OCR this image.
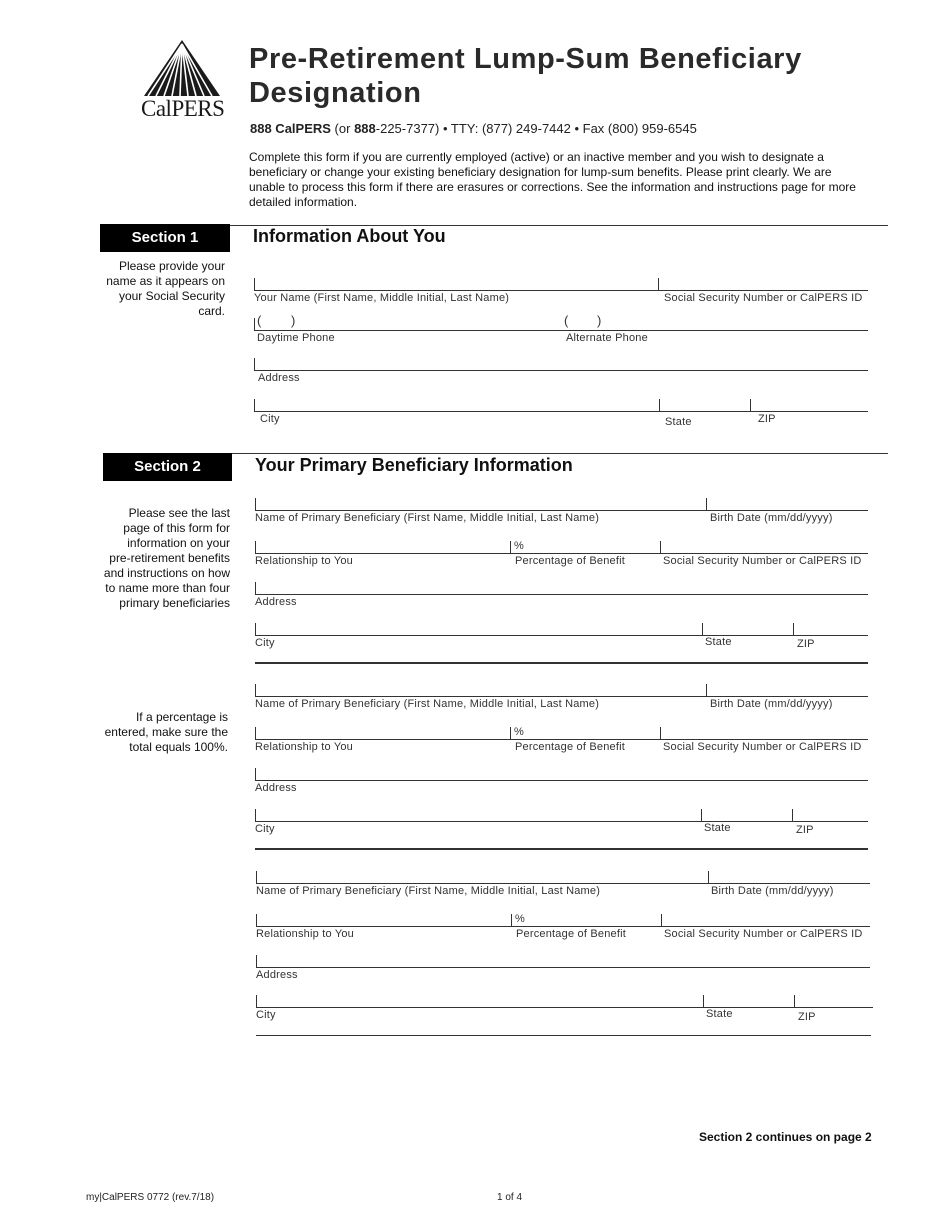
CalPERS
Pre-Retirement Lump-Sum Beneficiary Designation
888 CalPERS (or 888-225-7377) • TTY: (877) 249-7442 • Fax (800) 959-6545
Complete this form if you are currently employed (active) or an inactive member and you wish to designate a beneficiary or change your existing beneficiary designation for lump-sum benefits. Please print clearly. We are unable to process this form if there are erasures or corrections. See the information and instructions page for more detailed information.
Section 1	Information About You
Please provide your name as it appears on your Social Security card.
Your Name (First Name, Middle Initial, Last Name)	Social Security Number or CalPERS ID
( )	( )
Daytime Phone	Alternate Phone
Address
City	State	ZIP
Section 2	Your Primary Beneficiary Information
Please see the last page of this form for information on your pre-retirement benefits and instructions on how to name more than four primary beneficiaries
If a percentage is entered, make sure the total equals 100%.
Name of Primary Beneficiary (First Name, Middle Initial, Last Name)	Birth Date (mm/dd/yyyy)
%
Relationship to You	Percentage of Benefit	Social Security Number or CalPERS ID
Address
City	State	ZIP
Name of Primary Beneficiary (First Name, Middle Initial, Last Name)	Birth Date (mm/dd/yyyy)
%
Relationship to You	Percentage of Benefit	Social Security Number or CalPERS ID
Address
City	State	ZIP
Name of Primary Beneficiary (First Name, Middle Initial, Last Name)	Birth Date (mm/dd/yyyy)
%
Relationship to You	Percentage of Benefit	Social Security Number or CalPERS ID
Address
City	State	ZIP
Section 2 continues on page 2
my|CalPERS 0772 (rev.7/18)	1 of 4
